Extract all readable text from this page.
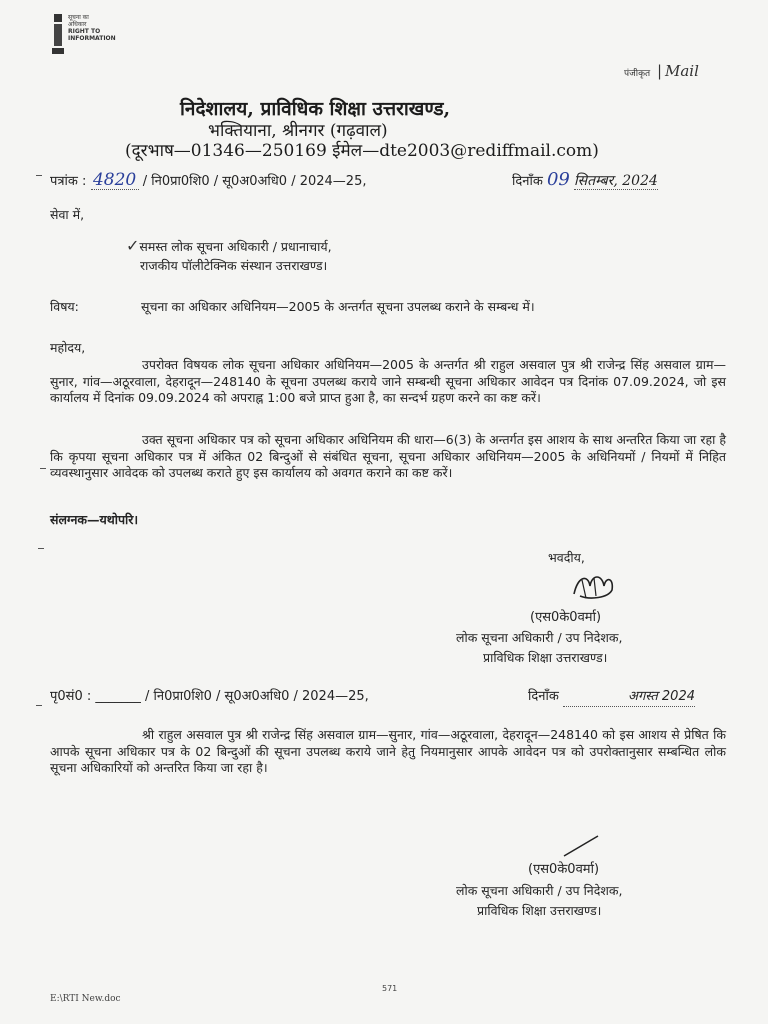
सूचना का
अधिकार
RIGHT TO
INFORMATION
पंजीकृत | Mail
निदेशालय, प्राविधिक शिक्षा उत्तराखण्ड,
भक्तियाना, श्रीनगर (गढ़वाल)
(दूरभाष—01346—250169 ईमेल—dte2003@rediffmail.com)
पत्रांक : 4820 / नि0प्रा0शि0 / सू0अ0अधि0 / 2024—25,	दिनाँक 09 सितम्बर, 2024
सेवा में,
✓समस्त लोक सूचना अधिकारी / प्रधानाचार्य,
राजकीय पॉलीटेक्निक संस्थान उत्तराखण्ड।
विषय:	सूचना का अधिकार अधिनियम—2005 के अन्तर्गत सूचना उपलब्ध कराने के सम्बन्ध में।
महोदय,
उपरोक्त विषयक लोक सूचना अधिकार अधिनियम—2005 के अन्तर्गत श्री राहुल असवाल पुत्र श्री राजेन्द्र सिंह असवाल ग्राम—सुनार, गांव—अठूरवाला, देहरादून—248140 के सूचना उपलब्ध कराये जाने सम्बन्धी सूचना अधिकार आवेदन पत्र दिनांक 07.09.2024, जो इस कार्यालय में दिनांक 09.09.2024 को अपराह्न 1:00 बजे प्राप्त हुआ है, का सन्दर्भ ग्रहण करने का कष्ट करें।
उक्त सूचना अधिकार पत्र को सूचना अधिकार अधिनियम की धारा—6(3) के अन्तर्गत इस आशय के साथ अन्तरित किया जा रहा है कि कृपया सूचना अधिकार पत्र में अंकित 02 बिन्दुओं से संबंधित सूचना, सूचना अधिकार अधिनियम—2005 के अधिनियमों / नियमों में निहित व्यवस्थानुसार आवेदक को उपलब्ध कराते हुए इस कार्यालय को अवगत कराने का कष्ट करें।
संलग्नक—यथोपरि।
भवदीय,
(एस0के0वर्मा)
लोक सूचना अधिकारी / उप निदेशक,
प्राविधिक शिक्षा उत्तराखण्ड।
पृ0सं0 : _______ / नि0प्रा0शि0 / सू0अ0अधि0 / 2024—25,	दिनाँक	अगस्त 2024
श्री राहुल असवाल पुत्र श्री राजेन्द्र सिंह असवाल ग्राम—सुनार, गांव—अठूरवाला, देहरादून—248140 को इस आशय से प्रेषित कि आपके सूचना अधिकार पत्र के 02 बिन्दुओं की सूचना उपलब्ध कराये जाने हेतु नियमानुसार आपके आवेदन पत्र को उपरोक्तानुसार सम्बन्धित लोक सूचना अधिकारियों को अन्तरित किया जा रहा है।
(एस0के0वर्मा)
लोक सूचना अधिकारी / उप निदेशक,
प्राविधिक शिक्षा उत्तराखण्ड।
571
E:\RTI New.doc
